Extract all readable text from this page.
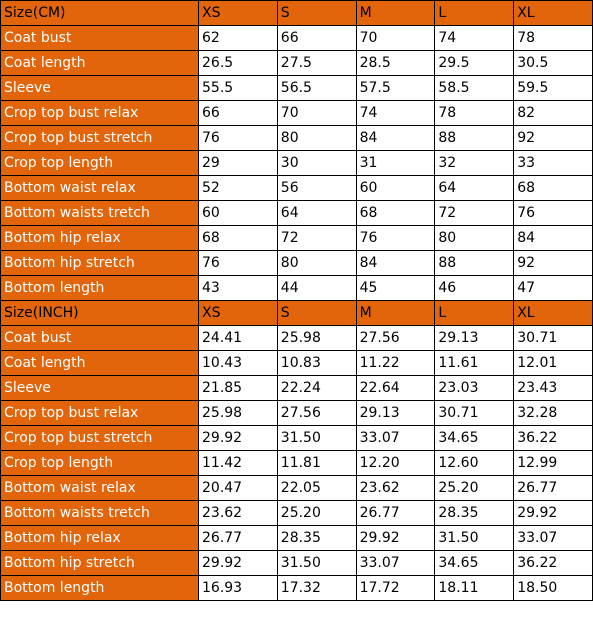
Size(CM)	XS	S	M	L	XL
Coat bust	62	66	70	74	78
Coat length	26.5	27.5	28.5	29.5	30.5
Sleeve	55.5	56.5	57.5	58.5	59.5
Crop top bust relax	66	70	74	78	82
Crop top bust stretch	76	80	84	88	92
Crop top length	29	30	31	32	33
Bottom waist relax	52	56	60	64	68
Bottom waists tretch	60	64	68	72	76
Bottom hip relax	68	72	76	80	84
Bottom hip stretch	76	80	84	88	92
Bottom length	43	44	45	46	47
Size(INCH)	XS	S	M	L	XL
Coat bust	24.41	25.98	27.56	29.13	30.71
Coat length	10.43	10.83	11.22	11.61	12.01
Sleeve	21.85	22.24	22.64	23.03	23.43
Crop top bust relax	25.98	27.56	29.13	30.71	32.28
Crop top bust stretch	29.92	31.50	33.07	34.65	36.22
Crop top length	11.42	11.81	12.20	12.60	12.99
Bottom waist relax	20.47	22.05	23.62	25.20	26.77
Bottom waists tretch	23.62	25.20	26.77	28.35	29.92
Bottom hip relax	26.77	28.35	29.92	31.50	33.07
Bottom hip stretch	29.92	31.50	33.07	34.65	36.22
Bottom length	16.93	17.32	17.72	18.11	18.50
